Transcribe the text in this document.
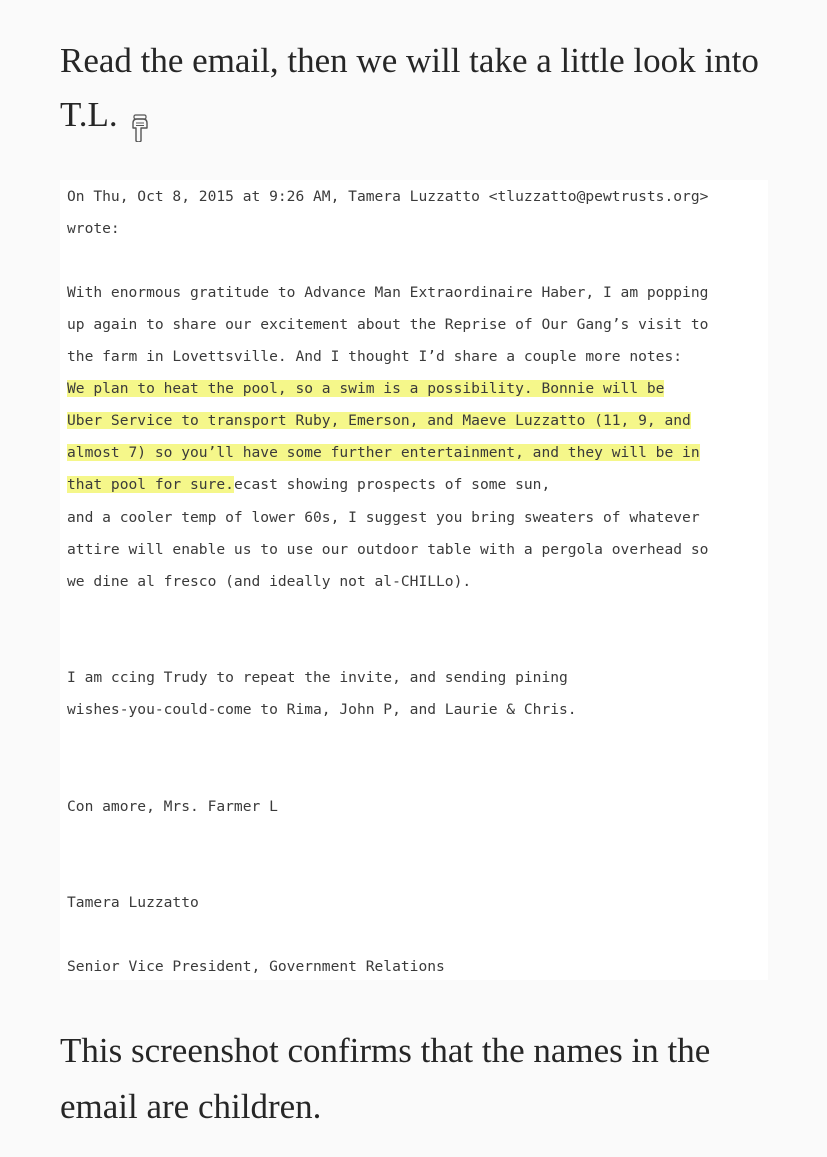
Read the email, then we will take a little look into T.L.
On Thu, Oct 8, 2015 at 9:26 AM, Tamera Luzzatto <tluzzatto@pewtrusts.org>
wrote:
With enormous gratitude to Advance Man Extraordinaire Haber, I am popping
up again to share our excitement about the Reprise of Our Gang’s visit to
the farm in Lovettsville. And I thought I’d share a couple more notes:
We plan to heat the pool, so a swim is a possibility. Bonnie will be
Uber Service to transport Ruby, Emerson, and Maeve Luzzatto (11, 9, and
almost 7) so you’ll have some further entertainment, and they will be in
that pool for sure.ecast showing prospects of some sun,
and a cooler temp of lower 60s, I suggest you bring sweaters of whatever
attire will enable us to use our outdoor table with a pergola overhead so
we dine al fresco (and ideally not al-CHILLo).
I am ccing Trudy to repeat the invite, and sending pining
wishes-you-could-come to Rima, John P, and Laurie & Chris.
Con amore, Mrs. Farmer L
Tamera Luzzatto
Senior Vice President, Government Relations
This screenshot confirms that the names in the email are children.
